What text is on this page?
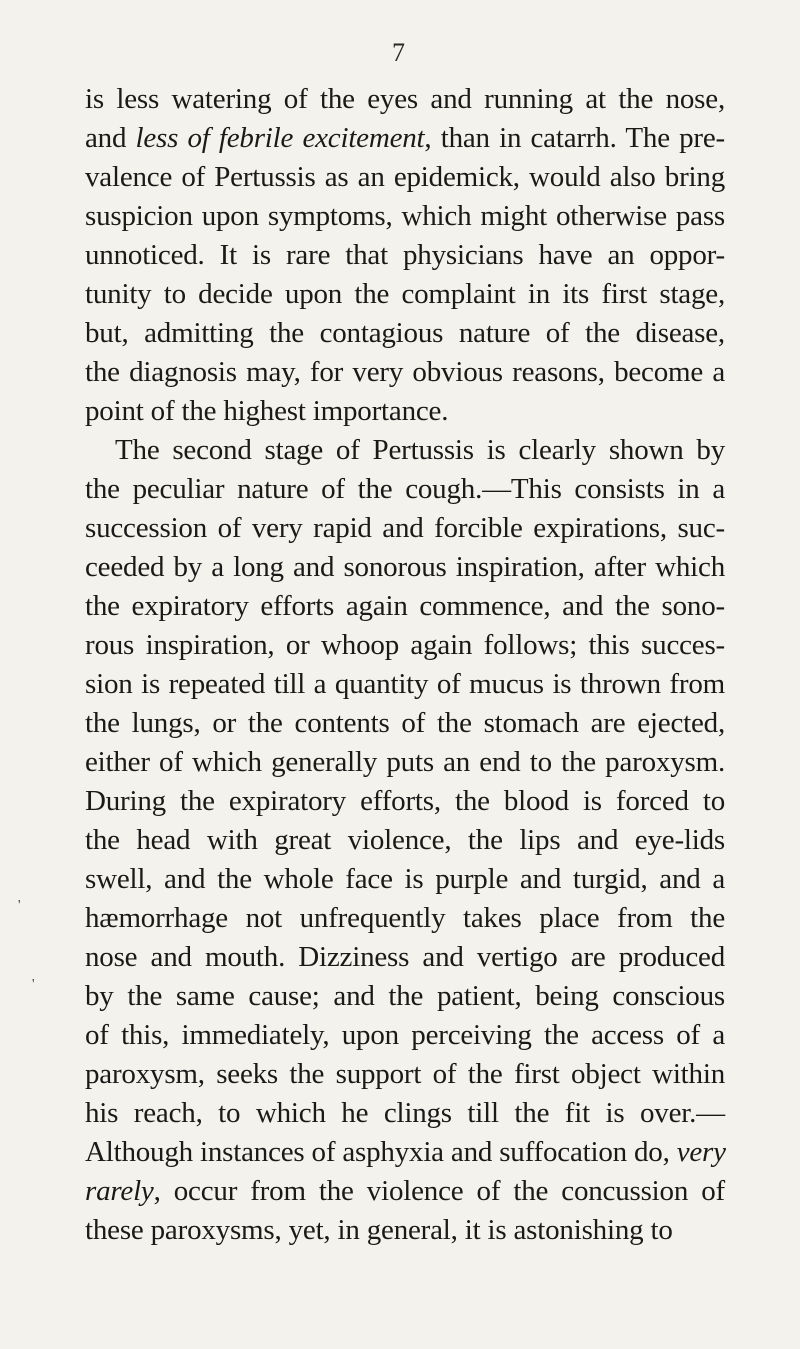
7
is less watering of the eyes and running at the nose,
and less of febrile excitement, than in catarrh. The pre-
valence of Pertussis as an epidemick, would also bring
suspicion upon symptoms, which might otherwise pass
unnoticed. It is rare that physicians have an oppor-
tunity to decide upon the complaint in its first stage,
but, admitting the contagious nature of the disease,
the diagnosis may, for very obvious reasons, become a
point of the highest importance.
The second stage of Pertussis is clearly shown by
the peculiar nature of the cough.—This consists in a
succession of very rapid and forcible expirations, suc-
ceeded by a long and sonorous inspiration, after which
the expiratory efforts again commence, and the sono-
rous inspiration, or whoop again follows; this succes-
sion is repeated till a quantity of mucus is thrown from
the lungs, or the contents of the stomach are ejected,
either of which generally puts an end to the paroxysm.
During the expiratory efforts, the blood is forced to
the head with great violence, the lips and eye-lids
swell, and the whole face is purple and turgid, and a
hæmorrhage not unfrequently takes place from the
nose and mouth. Dizziness and vertigo are produced
by the same cause; and the patient, being conscious
of this, immediately, upon perceiving the access of a
paroxysm, seeks the support of the first object within
his reach, to which he clings till the fit is over.—
Although instances of asphyxia and suffocation do, very
rarely, occur from the violence of the concussion of
these paroxysms, yet, in general, it is astonishing to
'
'
